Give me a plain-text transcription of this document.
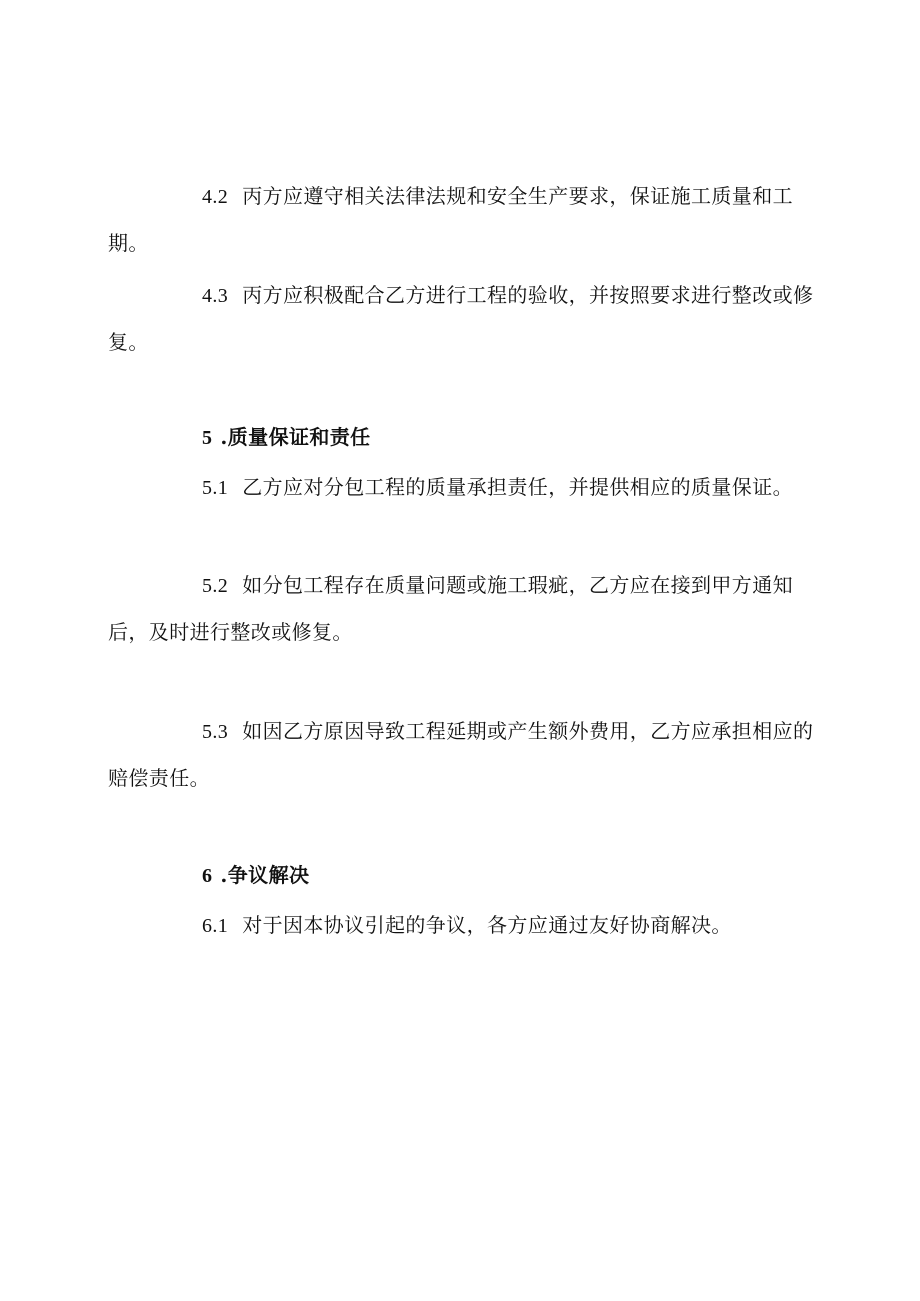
4.2 丙方应遵守相关法律法规和安全生产要求，保证施工质量和工期。
4.3 丙方应积极配合乙方进行工程的验收，并按照要求进行整改或修复。
5 .质量保证和责任
5.1 乙方应对分包工程的质量承担责任，并提供相应的质量保证。
5.2 如分包工程存在质量问题或施工瑕疵，乙方应在接到甲方通知后，及时进行整改或修复。
5.3 如因乙方原因导致工程延期或产生额外费用，乙方应承担相应的赔偿责任。
6 .争议解决
6.1 对于因本协议引起的争议，各方应通过友好协商解决。
